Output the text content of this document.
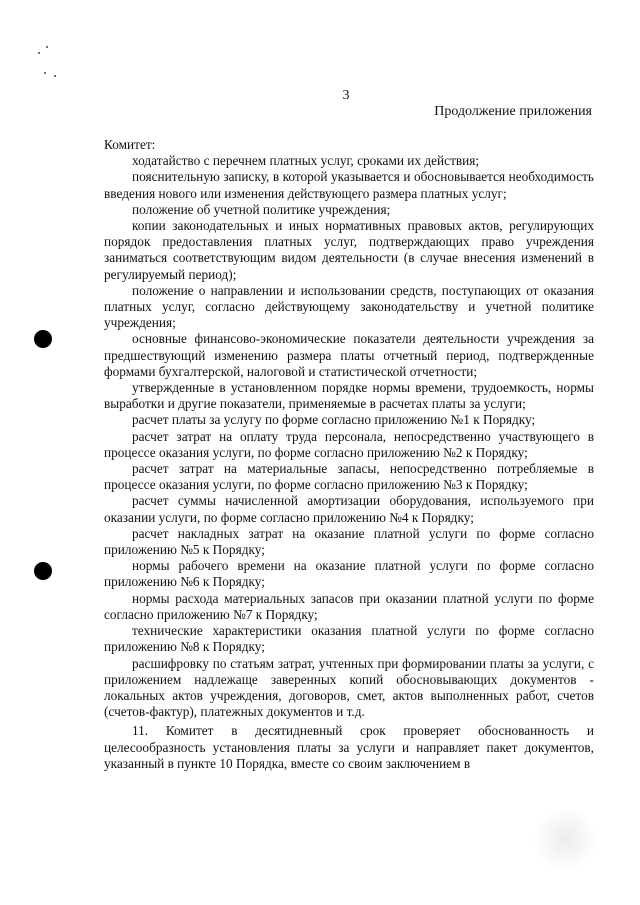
3
Продолжение приложения

Комитет:

ходатайство с перечнем платных услуг, сроками их действия;

пояснительную записку, в которой указывается и обосновывается необходимость введения нового или изменения действующего размера платных услуг;

положение об учетной политике учреждения;

копии законодательных и иных нормативных правовых актов, регулирующих порядок предоставления платных услуг, подтверждающих право учреждения заниматься соответствующим видом деятельности (в случае внесения изменений в регулируемый период);

положение о направлении и использовании средств, поступающих от оказания платных услуг, согласно действующему законодательству и учетной политике учреждения;

основные финансово-экономические показатели деятельности учреждения за предшествующий изменению размера платы отчетный период, подтвержденные формами бухгалтерской, налоговой и статистической отчетности;

утвержденные в установленном порядке нормы времени, трудоемкость, нормы выработки и другие показатели, применяемые в расчетах платы за услуги;

расчет платы за услугу по форме согласно приложению №1 к Порядку;

расчет затрат на оплату труда персонала, непосредственно участвующего в процессе оказания услуги, по форме согласно приложению №2 к Порядку;

расчет затрат на материальные запасы, непосредственно потребляемые в процессе оказания услуги, по форме согласно приложению №3 к Порядку;

расчет суммы начисленной амортизации оборудования, используемого при оказании услуги, по форме согласно приложению №4 к Порядку;

расчет накладных затрат на оказание платной услуги по форме согласно приложению №5 к Порядку;

нормы рабочего времени на оказание платной услуги по форме согласно приложению №6 к Порядку;

нормы расхода материальных запасов при оказании платной услуги по форме согласно приложению №7 к Порядку;

технические характеристики оказания платной услуги по форме согласно приложению №8 к Порядку;

расшифровку по статьям затрат, учтенных при формировании платы за услуги, с приложением надлежаще заверенных копий обосновывающих документов - локальных актов учреждения, договоров, смет, актов выполненных работ, счетов (счетов-фактур), платежных документов и т.д.

11. Комитет в десятидневный срок проверяет обоснованность и целесообразность установления платы за услуги и направляет пакет документов, указанный в пункте 10 Порядка, вместе со своим заключением в
